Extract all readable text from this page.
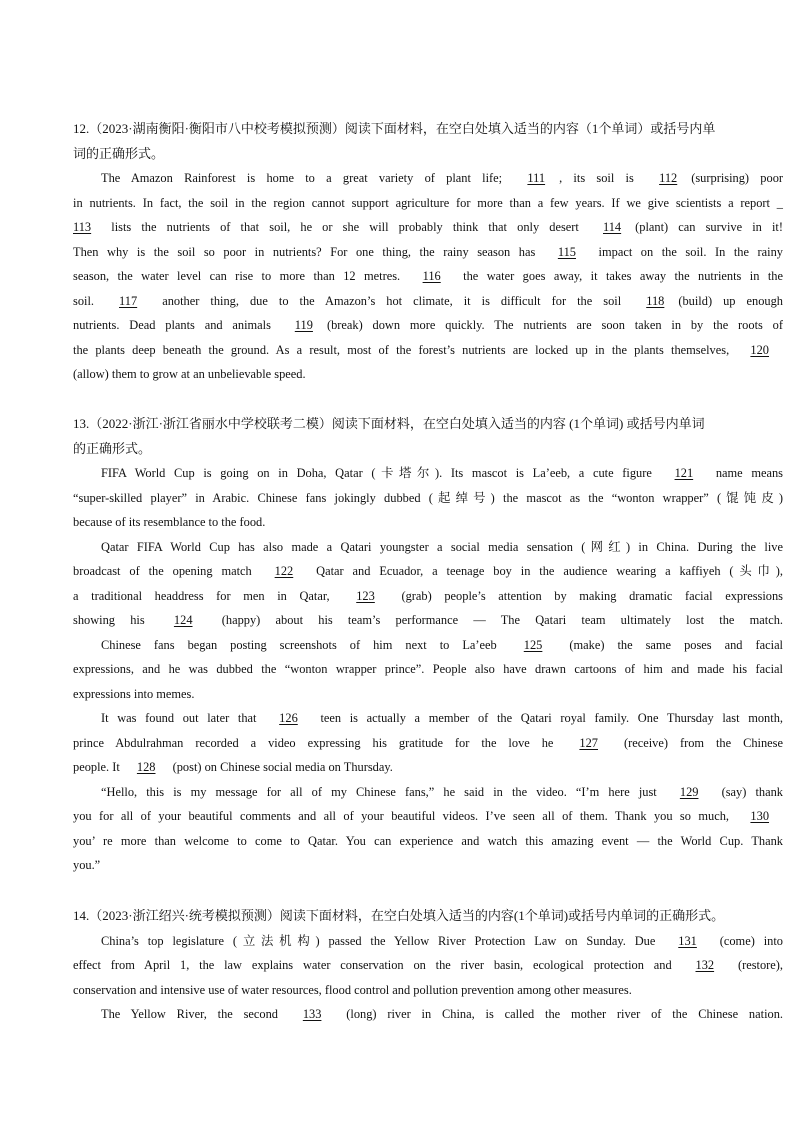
12.（2023·湖南衡阳·衡阳市八中校考模拟预测）阅读下面材料，在空白处填入适当的内容（1个单词）或括号内单
词的正确形式。
The Amazon Rainforest is home to a great variety of plant life; 111 , its soil is 112 (surprising) poor
in nutrients. In fact, the soil in the region cannot support agriculture for more than a few years. If we give scientists a report _
113 lists the nutrients of that soil, he or she will probably think that only desert 114 (plant) can survive in it!
Then why is the soil so poor in nutrients? For one thing, the rainy season has 115 impact on the soil. In the rainy
season, the water level can rise to more than 12 metres. 116 the water goes away, it takes away the nutrients in the
soil. 117 another thing, due to the Amazon’s hot climate, it is difficult for the soil 118 (build) up enough
nutrients. Dead plants and animals 119 (break) down more quickly. The nutrients are soon taken in by the roots of
the plants deep beneath the ground. As a result, most of the forest’s nutrients are locked up in the plants themselves, 120
(allow) them to grow at an unbelievable speed.
13.（2022·浙江·浙江省丽水中学校联考二模）阅读下面材料，在空白处填入适当的内容 (1个单词) 或括号内单词
的正确形式。
FIFA World Cup is going on in Doha, Qatar (卡塔尔). Its mascot is La’eeb, a cute figure 121 name means
“super-skilled player” in Arabic. Chinese fans jokingly dubbed (起绰号) the mascot as the “wonton wrapper” (馄饨皮)
because of its resemblance to the food.
Qatar FIFA World Cup has also made a Qatari youngster a social media sensation (网红) in China. During the live
broadcast of the opening match 122 Qatar and Ecuador, a teenage boy in the audience wearing a kaffiyeh (头巾),
a traditional headdress for men in Qatar, 123 (grab) people’s attention by making dramatic facial expressions
showing his 124 (happy) about his team’s performance — The Qatari team ultimately lost the match.
Chinese fans began posting screenshots of him next to La’eeb 125 (make) the same poses and facial
expressions, and he was dubbed the “wonton wrapper prince”. People also have drawn cartoons of him and made his facial
expressions into memes.
It was found out later that 126 teen is actually a member of the Qatari royal family. One Thursday last month,
prince Abdulrahman recorded a video expressing his gratitude for the love he 127 (receive) from the Chinese
people. It 128 (post) on Chinese social media on Thursday.
“Hello, this is my message for all of my Chinese fans,” he said in the video. “I’m here just 129 (say) thank
you for all of your beautiful comments and all of your beautiful videos. I’ve seen all of them. Thank you so much, 130
you’ re more than welcome to come to Qatar. You can experience and watch this amazing event — the World Cup. Thank
you.”
14.（2023·浙江绍兴·统考模拟预测）阅读下面材料，在空白处填入适当的内容(1个单词)或括号内单词的正确形式。
China’s top legislature (立法机构) passed the Yellow River Protection Law on Sunday. Due 131 (come) into
effect from April 1, the law explains water conservation on the river basin, ecological protection and 132 (restore),
conservation and intensive use of water resources, flood control and pollution prevention among other measures.
The Yellow River, the second 133 (long) river in China, is called the mother river of the Chinese nation.
